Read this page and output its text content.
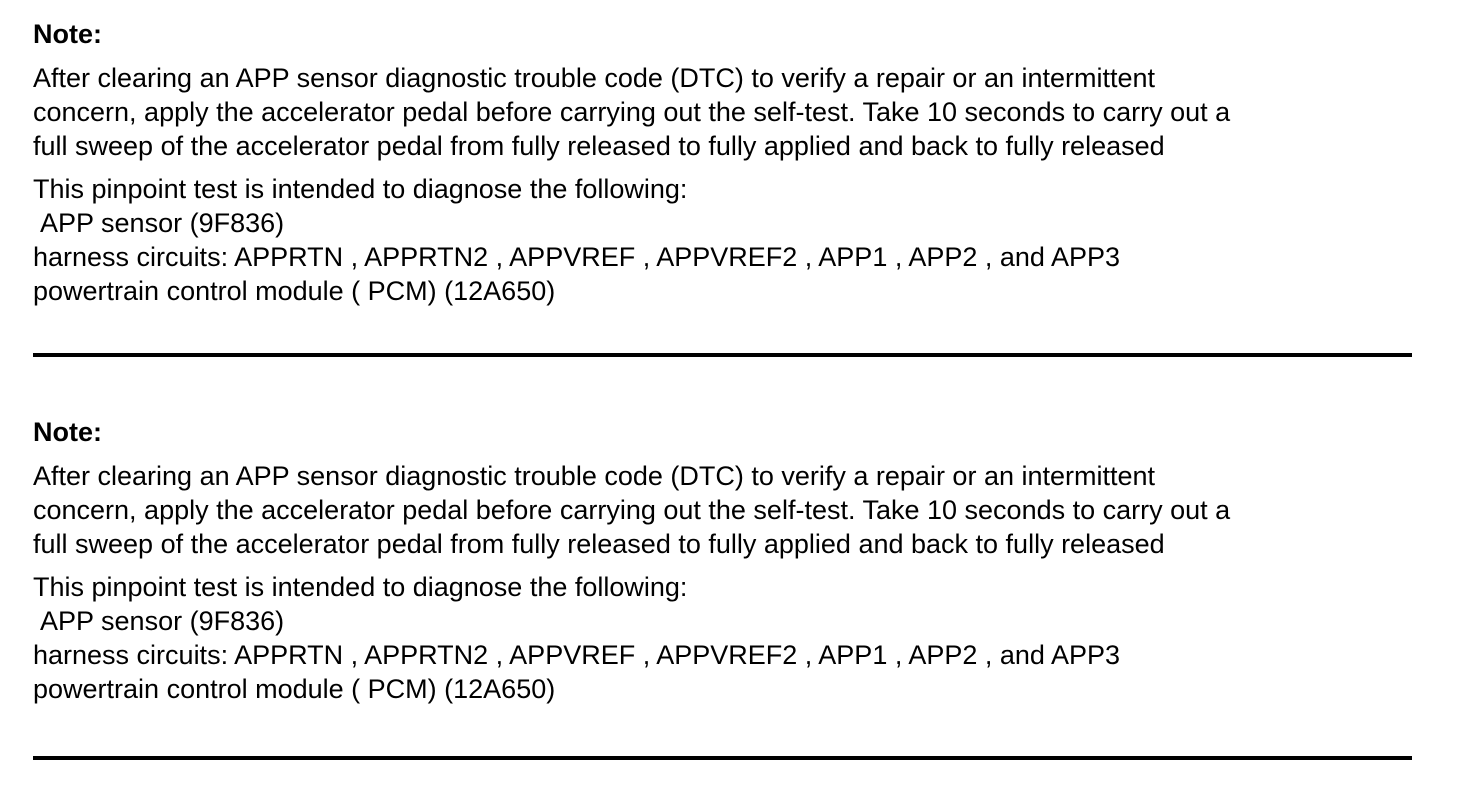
Note:

After clearing an APP sensor diagnostic trouble code (DTC) to verify a repair or an intermittent
concern, apply the accelerator pedal before carrying out the self-test. Take 10 seconds to carry out a
full sweep of the accelerator pedal from fully released to fully applied and back to fully released

This pinpoint test is intended to diagnose the following:
APP sensor (9F836)
harness circuits: APPRTN , APPRTN2 , APPVREF , APPVREF2 , APP1 , APP2 , and APP3
powertrain control module ( PCM) (12A650)

Note:

After clearing an APP sensor diagnostic trouble code (DTC) to verify a repair or an intermittent
concern, apply the accelerator pedal before carrying out the self-test. Take 10 seconds to carry out a
full sweep of the accelerator pedal from fully released to fully applied and back to fully released

This pinpoint test is intended to diagnose the following:
APP sensor (9F836)
harness circuits: APPRTN , APPRTN2 , APPVREF , APPVREF2 , APP1 , APP2 , and APP3
powertrain control module ( PCM) (12A650)
